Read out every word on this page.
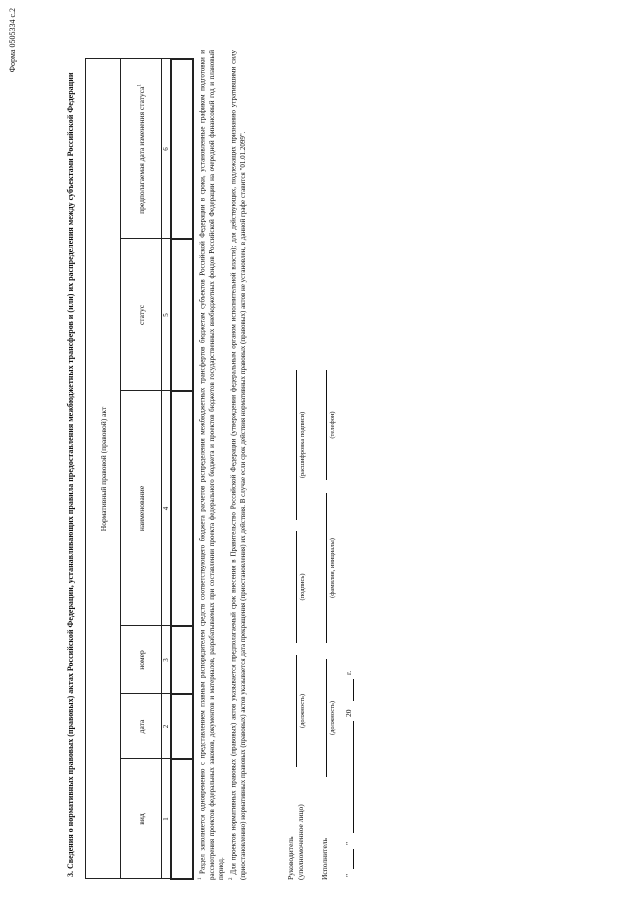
Форма 0505334 с.2
3. Сведения о нормативных правовых (правовых) актах Российской Федерации, устанавливающих правила предоставления межбюджетных трансферов и (или) их распределения между субъектами Российской Федерации	Нормативный правовой (правовой) акт					
вид	дата	номер	наименование	статус	предполагаемая дата изменения статуса$^1$
1	2	3	4	5	6

$^1$ Раздел заполняется одновременно с представлением главным распорядителем средств соответствующего бюджета расчетов распределения межбюджетных трансфертов бюджетам субъектов Российской Федерации в сроки, установленные графиком подготовки и рассмотрения проектов федеральных законов, документов и материалов, разрабатываемых при составлении проекта федерального бюджета и проектов бюджетов государственных внебюджетных фондов Российской Федерации на очередной финансовый год и плановый период. $^2$ Для проектов нормативных правовых (правовых) актов указывается предполагаемый срок внесения в Правительство Российской Федерации (утверждения федеральным органом исполнительной власти); для действующих, подлежащих признанию утратившими силу (приостановлению) нормативных правовых (правовых) актов указывается дата прекращения (приостановления) их действия. В случае если срок действия нормативных правовых (правовых) актов не установлен, в данной графе ставится "01.01.2099".	Руководитель (уполномоченное лицо)
(должность)
(подпись)
(расшифровка подписи)
Исполнитель
(должность)
(фамилия, инициалы)
(телефон)
"
"
20
г.
